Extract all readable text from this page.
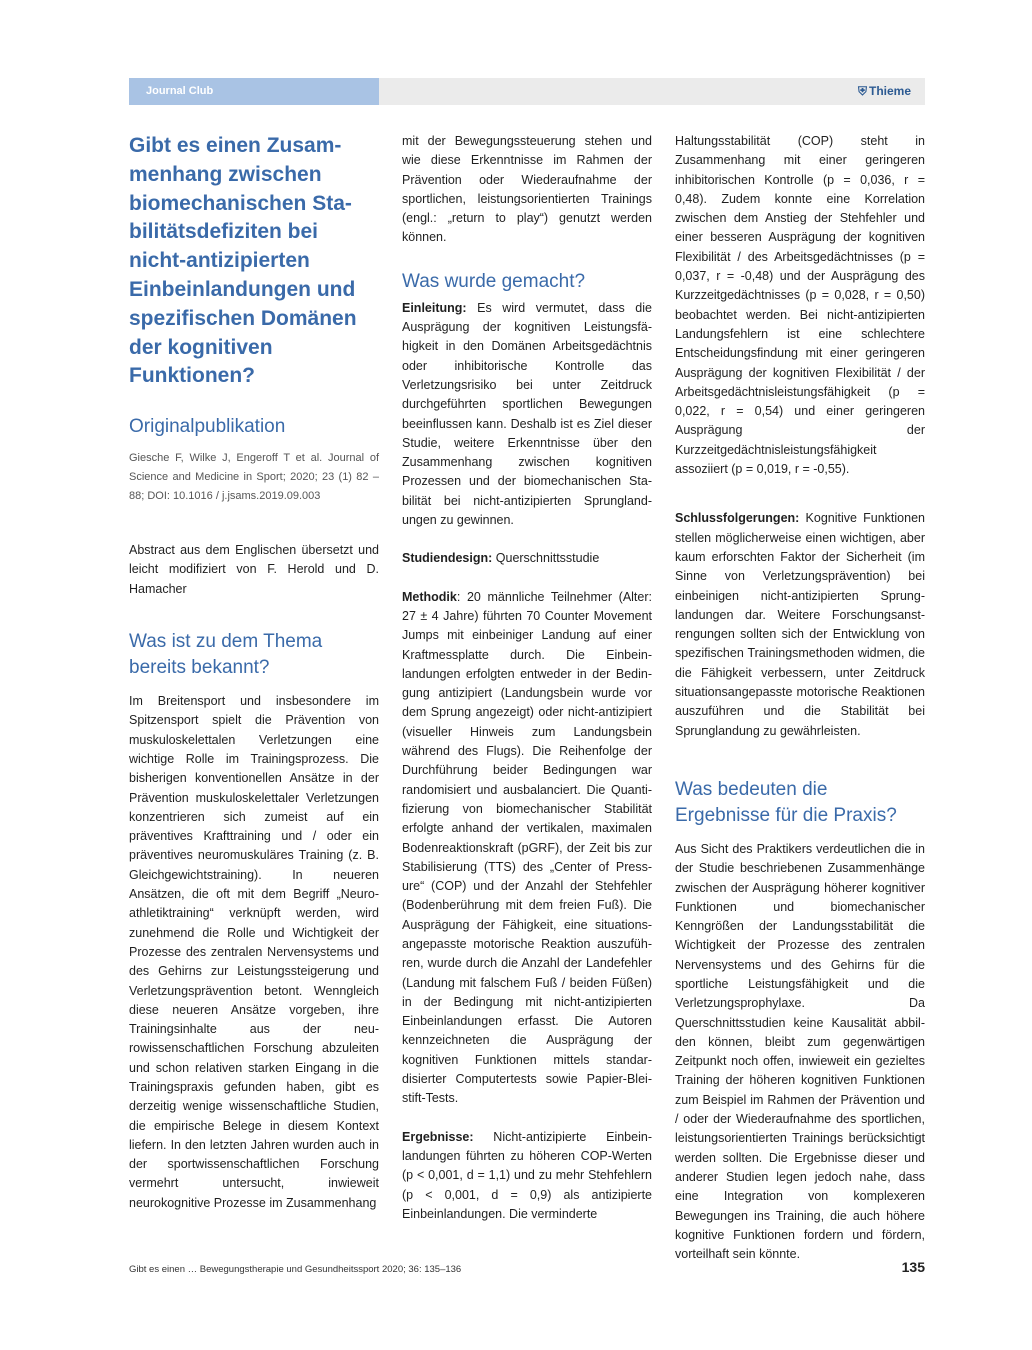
Journal Club	⛨ Thieme
Gibt es einen Zusammenhang zwischen biomechanischen Stabilitätsdefiziten bei nicht-antizipierten Einbeinlandungen und spezifischen Domänen der kognitiven Funktionen?
Originalpublikation

Giesche F, Wilke J, Engeroff T et al. Journal of Science and Medicine in Sport; 2020; 23 (1) 82 – 88; DOI: 10.1016 / j.jsams.2019.09.003

Abstract aus dem Englischen übersetzt und leicht modifiziert von F. Herold und D. Hamacher

Was ist zu dem Thema bereits bekannt?

Im Breitensport und insbesondere im Spitzensport spielt die Prävention von muskuloskelettalen Verletzungen eine wichtige Rolle im Trainingsprozess. Die bisherigen konventionellen Ansätze in der Prävention muskuloskelettaler Verletzungen konzentrieren sich zumeist auf ein präventives Krafttraining und / oder ein präventives neuromuskuläres Training (z. B. Gleichgewichtstraining). In neueren Ansätzen, die oft mit dem Begriff „Neuroathletiktraining“ verknüpft werden, wird zunehmend die Rolle und Wichtigkeit der Prozesse des zentralen Nervensystems und des Gehirns zur Leistungssteigerung und Verletzungsprävention betont. Wenngleich diese neueren Ansätze vorgeben, ihre Trainingsinhalte aus der neurowissenschaftlichen Forschung abzuleiten und schon relativen starken Eingang in die Trainingspraxis gefunden haben, gibt es derzeitig wenige wissenschaftliche Studien, die empirische Belege in diesem Kontext liefern. In den letzten Jahren wurden auch in der sportwissenschaftlichen Forschung vermehrt untersucht, inwieweit neurokognitive Prozesse im Zusammenhang

Haltungsstabilität (COP) steht in Zusammenhang mit einer geringeren inhibitorischen Kontrolle (p = 0,036, r = 0,48). Zudem konnte eine Korrelation zwischen dem Anstieg der Stehfehler und einer besseren Ausprägung der kognitiven Flexibilität / des Arbeitsgedächtnisses (p = 0,037, r = -0,48) und der Ausprägung des Kurzzeitgedächtnisses (p = 0,028, r = 0,50) beobachtet werden. Bei nicht-antizipierten Landungsfehlern ist eine schlechtere Entscheidungsfindung mit einer geringeren Ausprägung der kognitiven Flexibilität / der Arbeitsgedächtnisleistungsfähigkeit (p = 0,022, r = 0,54) und einer geringeren Ausprägung der Kurzzeitgedächtnisleistungsfähigkeit assoziiert (p = 0,019, r = -0,55).

Schlussfolgerungen: Kognitive Funktionen stellen möglicherweise einen wichtigen, aber kaum erforschten Faktor der Sicherheit (im Sinne von Verletzungsprävention) bei einbeinigen nicht-antizipierten Sprunglandungen dar. Weitere Forschungsanstrengungen sollten sich der Entwicklung von spezifischen Trainingsmethoden widmen, die die Fähigkeit verbessern, unter Zeitdruck situationsangepasste motorische Reaktionen auszuführen und die Stabilität bei Sprunglandung zu gewährleisten.

Was bedeuten die Ergebnisse für die Praxis?

Aus Sicht des Praktikers verdeutlichen die in der Studie beschriebenen Zusammenhänge zwischen der Ausprägung höherer kognitiver Funktionen und biomechanischer Kenngrößen der Landungsstabilität die Wichtigkeit der Prozesse des zentralen Nervensystems und des Gehirns für die sportliche Leistungsfähigkeit und die Verletzungsprophylaxe. Da Querschnittsstudien keine Kausalität abbilden können, bleibt zum gegenwärtigen Zeitpunkt noch offen, inwieweit ein gezieltes Training der höheren kognitiven Funktionen zum Beispiel im Rahmen der Prävention und / oder der Wiederaufnahme des sportlichen, leistungsorientierten Trainings berücksichtigt werden sollten. Die Ergebnisse dieser und anderer Studien legen jedoch nahe, dass eine Integration von komplexeren Bewegungen ins Training, die auch höhere kognitive Funktionen fordern und fördern, vorteilhaft sein könnte.

mit der Bewegungssteuerung stehen und wie diese Erkenntnisse im Rahmen der Prävention oder Wiederaufnahme der sportlichen, leistungsorientierten Trainings (engl.: „return to play“) genutzt werden können.

Was wurde gemacht?

Einleitung: Es wird vermutet, dass die Ausprägung der kognitiven Leistungsfähigkeit in den Domänen Arbeitsgedächtnis oder inhibitorische Kontrolle das Verletzungsrisiko bei unter Zeitdruck durchgeführten sportlichen Bewegungen beeinflussen kann. Deshalb ist es Ziel dieser Studie, weitere Erkenntnisse über den Zusammenhang zwischen kognitiven Prozessen und der biomechanischen Stabilität bei nicht-antizipierten Sprunglandungen zu gewinnen.

Studiendesign: Querschnittsstudie

Methodik: 20 männliche Teilnehmer (Alter: 27 ± 4 Jahre) führten 70 Counter Movement Jumps mit einbeiniger Landung auf einer Kraftmessplatte durch. Die Einbeinlandungen erfolgten entweder in der Bedingung antizipiert (Landungsbein wurde vor dem Sprung angezeigt) oder nicht-antizipiert (visueller Hinweis zum Landungsbein während des Flugs). Die Reihenfolge der Durchführung beider Bedingungen war randomisiert und ausbalanciert. Die Quantifizierung von biomechanischer Stabilität erfolgte anhand der vertikalen, maximalen Bodenreaktionskraft (pGRF), der Zeit bis zur Stabilisierung (TTS) des „Center of Pressure“ (COP) und der Anzahl der Stehfehler (Bodenberührung mit dem freien Fuß). Die Ausprägung der Fähigkeit, eine situationsangepasste motorische Reaktion auszuführen, wurde durch die Anzahl der Landefehler (Landung mit falschem Fuß / beiden Füßen) in der Bedingung mit nicht-antizipierten Einbeinlandungen erfasst. Die Autoren kennzeichneten die Ausprägung der kognitiven Funktionen mittels standardisierter Computertests sowie Papier-Bleistift-Tests.

Ergebnisse: Nicht-antizipierte Einbeinlandungen führten zu höheren COP-Werten (p < 0,001, d = 1,1) und zu mehr Stehfehlern (p < 0,001, d = 0,9) als antizipierte Einbeinlandungen. Die verminderte

Gibt es einen … Bewegungstherapie und Gesundheitssport 2020; 36: 135–136	135
